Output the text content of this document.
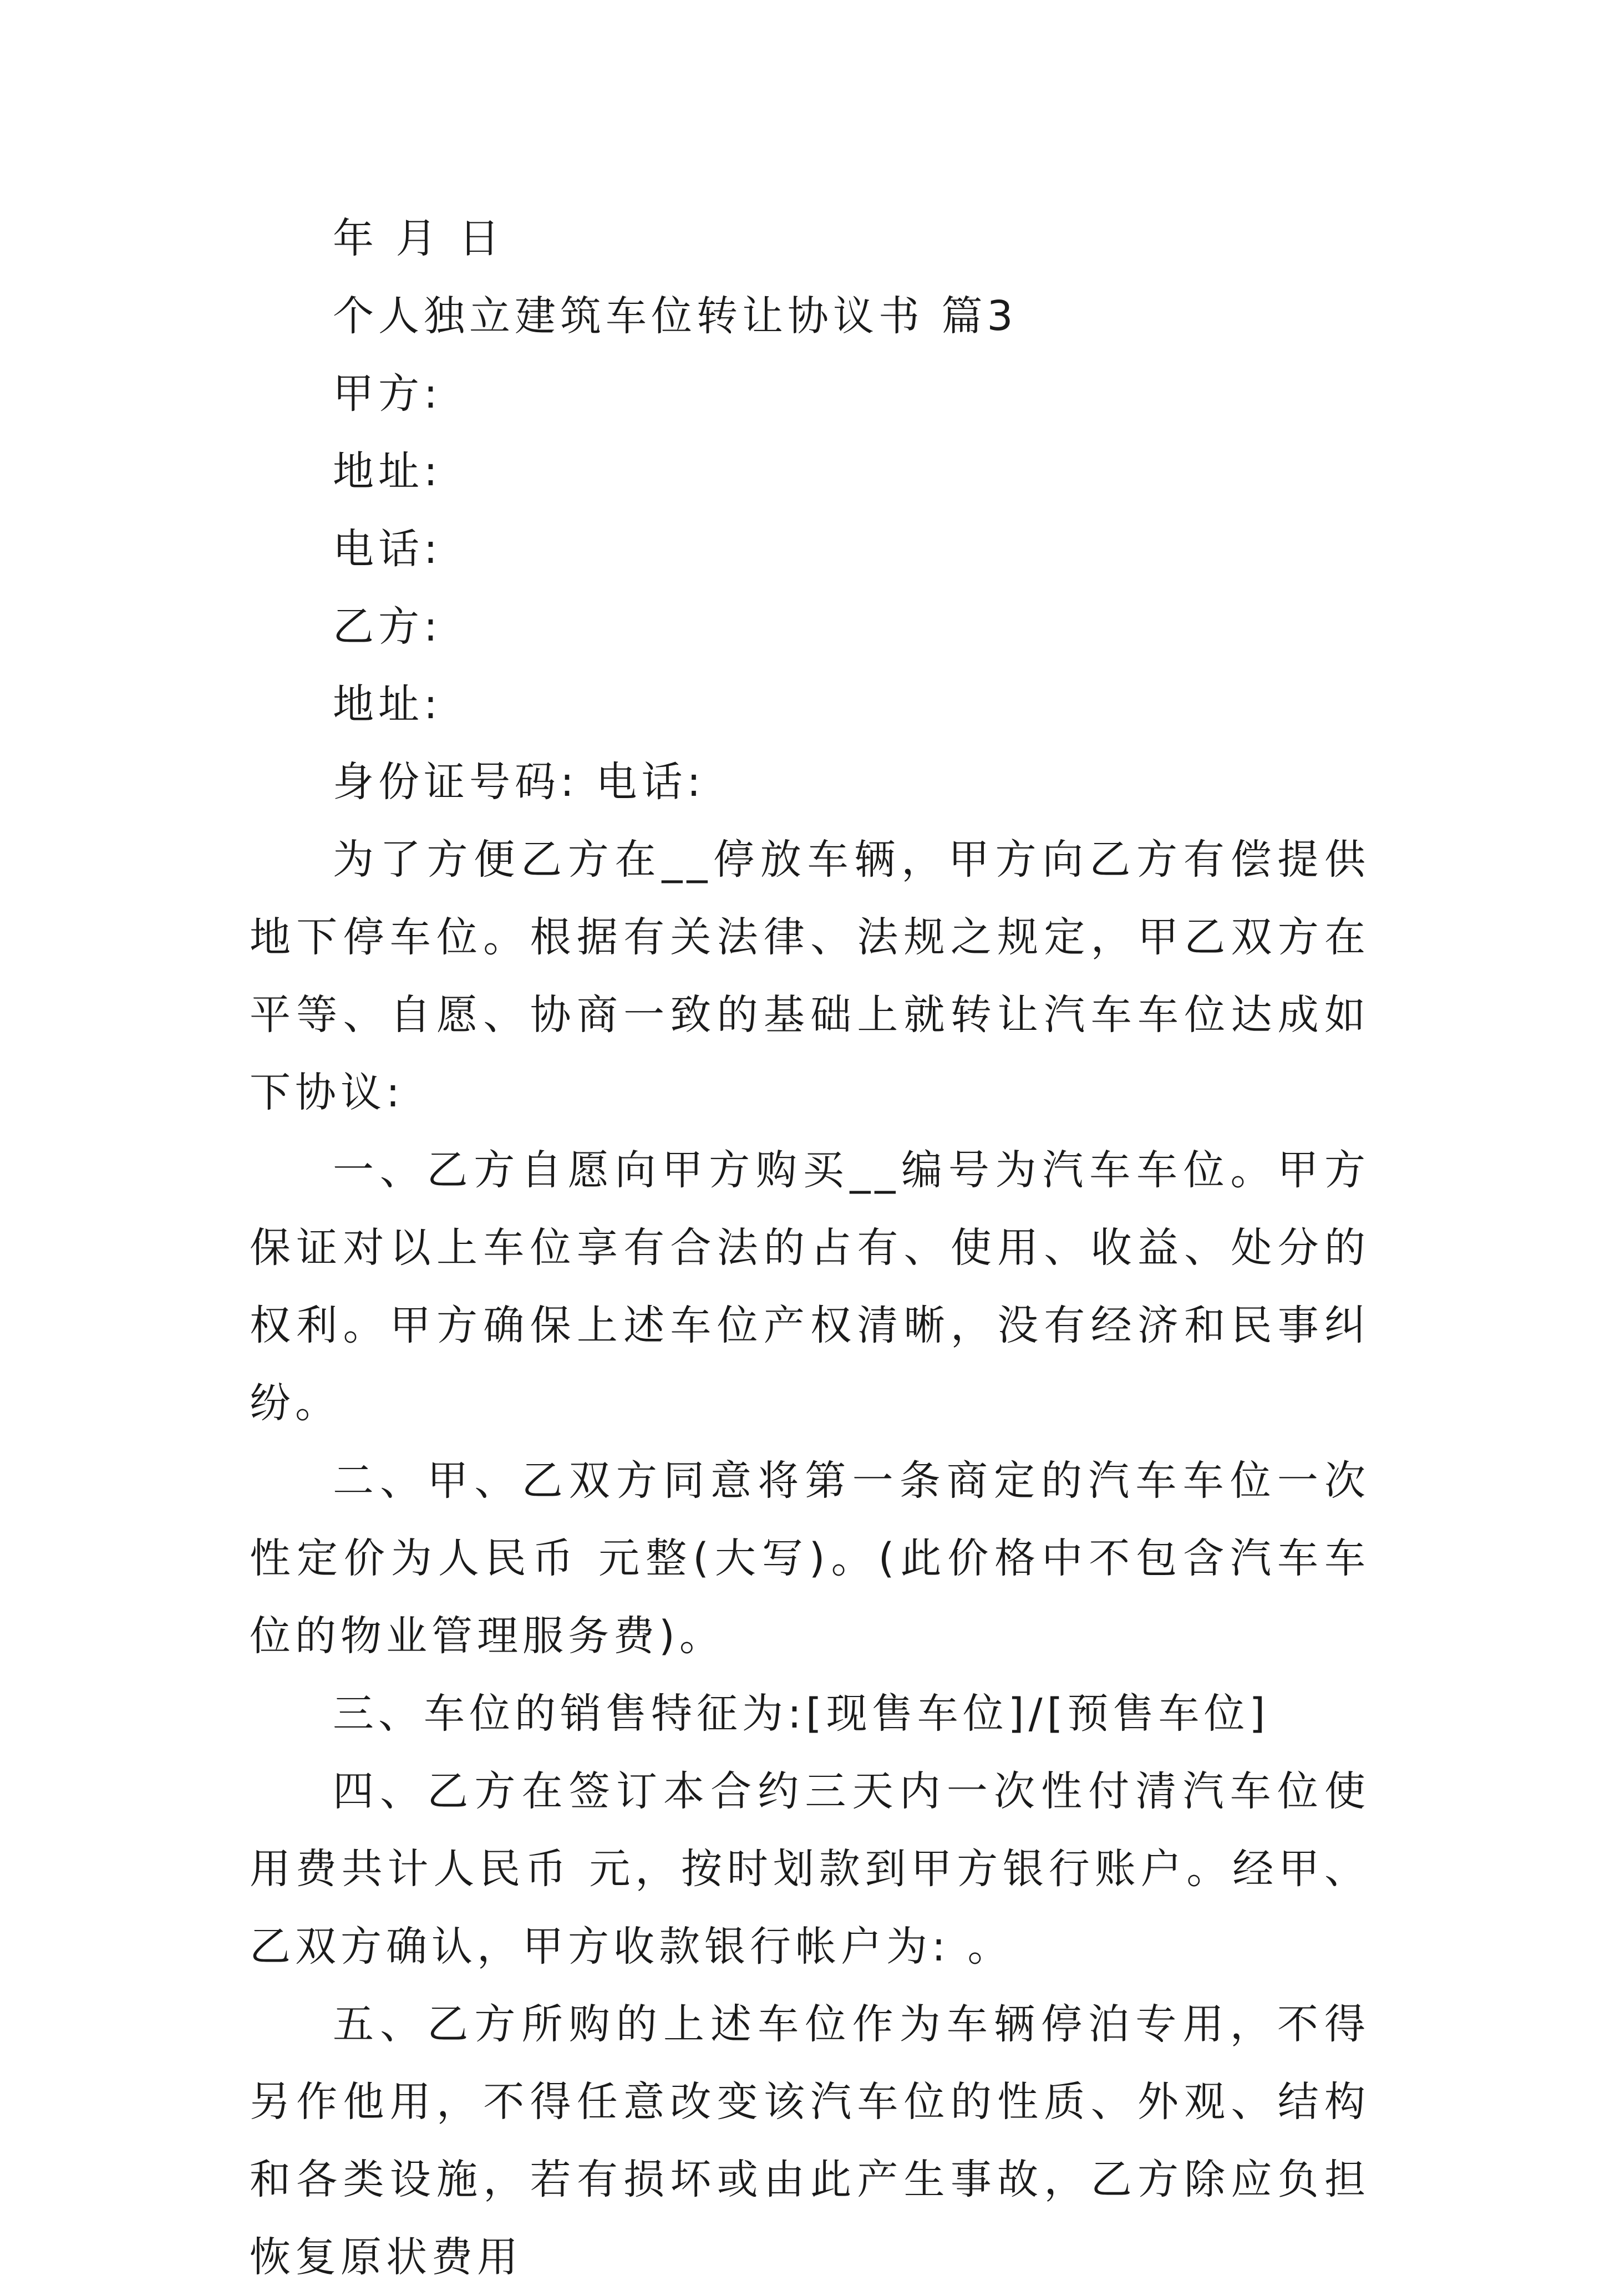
年 月 日
个人独立建筑车位转让协议书 篇3
甲方:
地址:
电话:
乙方:
地址:
身份证号码: 电话:

为了方便乙方在__停放车辆，甲方向乙方有偿提供地下停车位。根据有关法律、法规之规定，甲乙双方在平等、自愿、协商一致的基础上就转让汽车车位达成如下协议:

一、乙方自愿向甲方购买__编号为汽车车位。甲方保证对以上车位享有合法的占有、使用、收益、处分的权利。甲方确保上述车位产权清晰，没有经济和民事纠纷。

二、甲、乙双方同意将第一条商定的汽车车位一次性定价为人民币 元整(大写)。(此价格中不包含汽车车位的物业管理服务费)。

三、车位的销售特征为:[现售车位]/[预售车位]

四、乙方在签订本合约三天内一次性付清汽车位使用费共计人民币 元，按时划款到甲方银行账户。经甲、乙双方确认，甲方收款银行帐户为: 。

五、乙方所购的上述车位作为车辆停泊专用，不得另作他用，不得任意改变该汽车位的性质、外观、结构和各类设施，若有损坏或由此产生事故，乙方除应负担恢复原状费用
